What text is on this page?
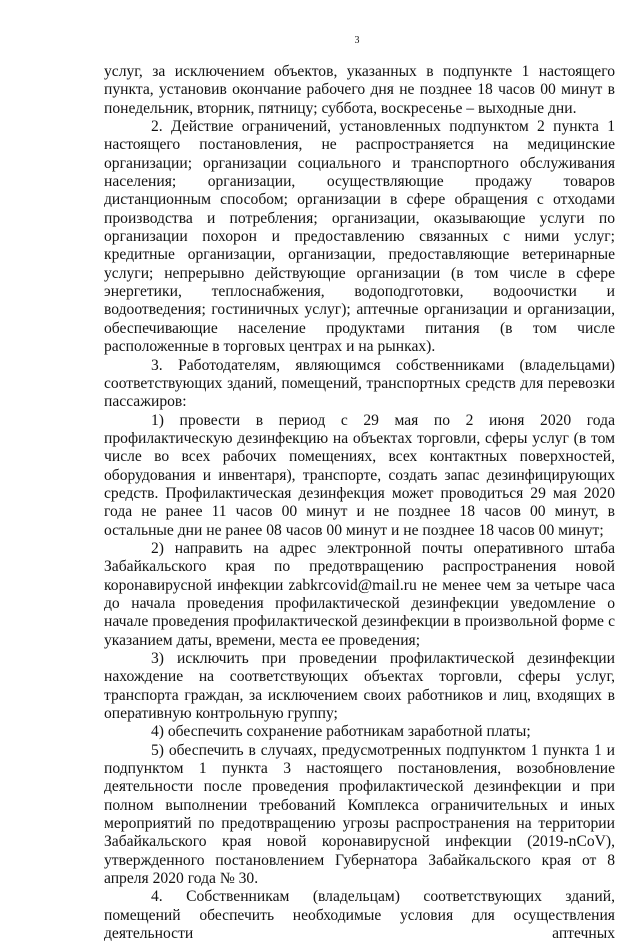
3

услуг, за исключением объектов, указанных в подпункте 1 настоящего пункта, установив окончание рабочего дня не позднее 18 часов 00 минут в понедельник, вторник, пятницу; суббота, воскресенье – выходные дни.

2. Действие ограничений, установленных подпунктом 2 пункта 1 настоящего постановления, не распространяется на медицинские организации; организации социального и транспортного обслуживания населения; организации, осуществляющие продажу товаров дистанционным способом; организации в сфере обращения с отходами производства и потребления; организации, оказывающие услуги по организации похорон и предоставлению связанных с ними услуг; кредитные организации, организации, предоставляющие ветеринарные услуги; непрерывно действующие организации (в том числе в сфере энергетики, теплоснабжения, водоподготовки, водоочистки и водоотведения; гостиничных услуг); аптечные организации и организации, обеспечивающие население продуктами питания (в том числе расположенные в торговых центрах и на рынках).

3. Работодателям, являющимся собственниками (владельцами) соответствующих зданий, помещений, транспортных средств для перевозки пассажиров:

1) провести в период с 29 мая по 2 июня 2020 года профилактическую дезинфекцию на объектах торговли, сферы услуг (в том числе во всех рабочих помещениях, всех контактных поверхностей, оборудования и инвентаря), транспорте, создать запас дезинфицирующих средств. Профилактическая дезинфекция может проводиться 29 мая 2020 года не ранее 11 часов 00 минут и не позднее 18 часов 00 минут, в остальные дни не ранее 08 часов 00 минут и не позднее 18 часов 00 минут;

2) направить на адрес электронной почты оперативного штаба Забайкальского края по предотвращению распространения новой коронавирусной инфекции zabkrcovid@mail.ru не менее чем за четыре часа до начала проведения профилактической дезинфекции уведомление о начале проведения профилактической дезинфекции в произвольной форме с указанием даты, времени, места ее проведения;

3) исключить при проведении профилактической дезинфекции нахождение на соответствующих объектах торговли, сферы услуг, транспорта граждан, за исключением своих работников и лиц, входящих в оперативную контрольную группу;

4) обеспечить сохранение работникам заработной платы;

5) обеспечить в случаях, предусмотренных подпунктом 1 пункта 1 и подпунктом 1 пункта 3 настоящего постановления, возобновление деятельности после проведения профилактической дезинфекции и при полном выполнении требований Комплекса ограничительных и иных мероприятий по предотвращению угрозы распространения на территории Забайкальского края новой коронавирусной инфекции (2019-nCoV), утвержденного постановлением Губернатора Забайкальского края от 8 апреля 2020 года № 30.

4. Собственникам (владельцам) соответствующих зданий, помещений обеспечить необходимые условия для осуществления деятельности аптечных
